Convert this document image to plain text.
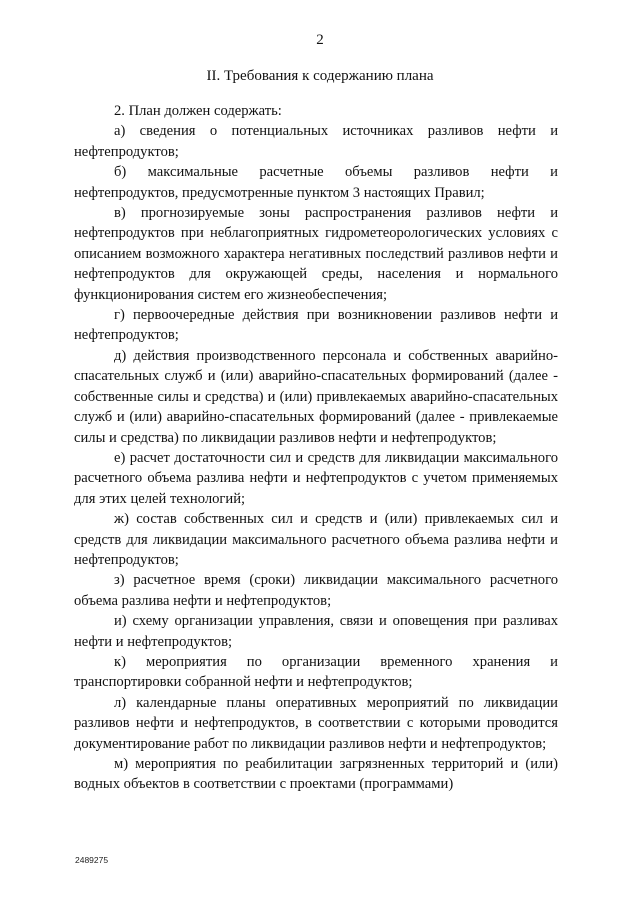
2
II. Требования к содержанию плана

2. План должен содержать:

а) сведения о потенциальных источниках разливов нефти и нефтепродуктов;

б) максимальные расчетные объемы разливов нефти и нефтепродуктов, предусмотренные пунктом 3 настоящих Правил;

в) прогнозируемые зоны распространения разливов нефти и нефтепродуктов при неблагоприятных гидрометеорологических условиях с описанием возможного характера негативных последствий разливов нефти и нефтепродуктов для окружающей среды, населения и нормального функционирования систем его жизнеобеспечения;

г) первоочередные действия при возникновении разливов нефти и нефтепродуктов;

д) действия производственного персонала и собственных аварийно-спасательных служб и (или) аварийно-спасательных формирований (далее - собственные силы и средства) и (или) привлекаемых аварийно-спасательных служб и (или) аварийно-спасательных формирований (далее - привлекаемые силы и средства) по ликвидации разливов нефти и нефтепродуктов;

е) расчет достаточности сил и средств для ликвидации максимального расчетного объема разлива нефти и нефтепродуктов с учетом применяемых для этих целей технологий;

ж) состав собственных сил и средств и (или) привлекаемых сил и средств для ликвидации максимального расчетного объема разлива нефти и нефтепродуктов;

з) расчетное время (сроки) ликвидации максимального расчетного объема разлива нефти и нефтепродуктов;

и) схему организации управления, связи и оповещения при разливах нефти и нефтепродуктов;

к) мероприятия по организации временного хранения и транспортировки собранной нефти и нефтепродуктов;

л) календарные планы оперативных мероприятий по ликвидации разливов нефти и нефтепродуктов, в соответствии с которыми проводится документирование работ по ликвидации разливов нефти и нефтепродуктов;

м) мероприятия по реабилитации загрязненных территорий и (или) водных объектов в соответствии с проектами (программами)

2489275
